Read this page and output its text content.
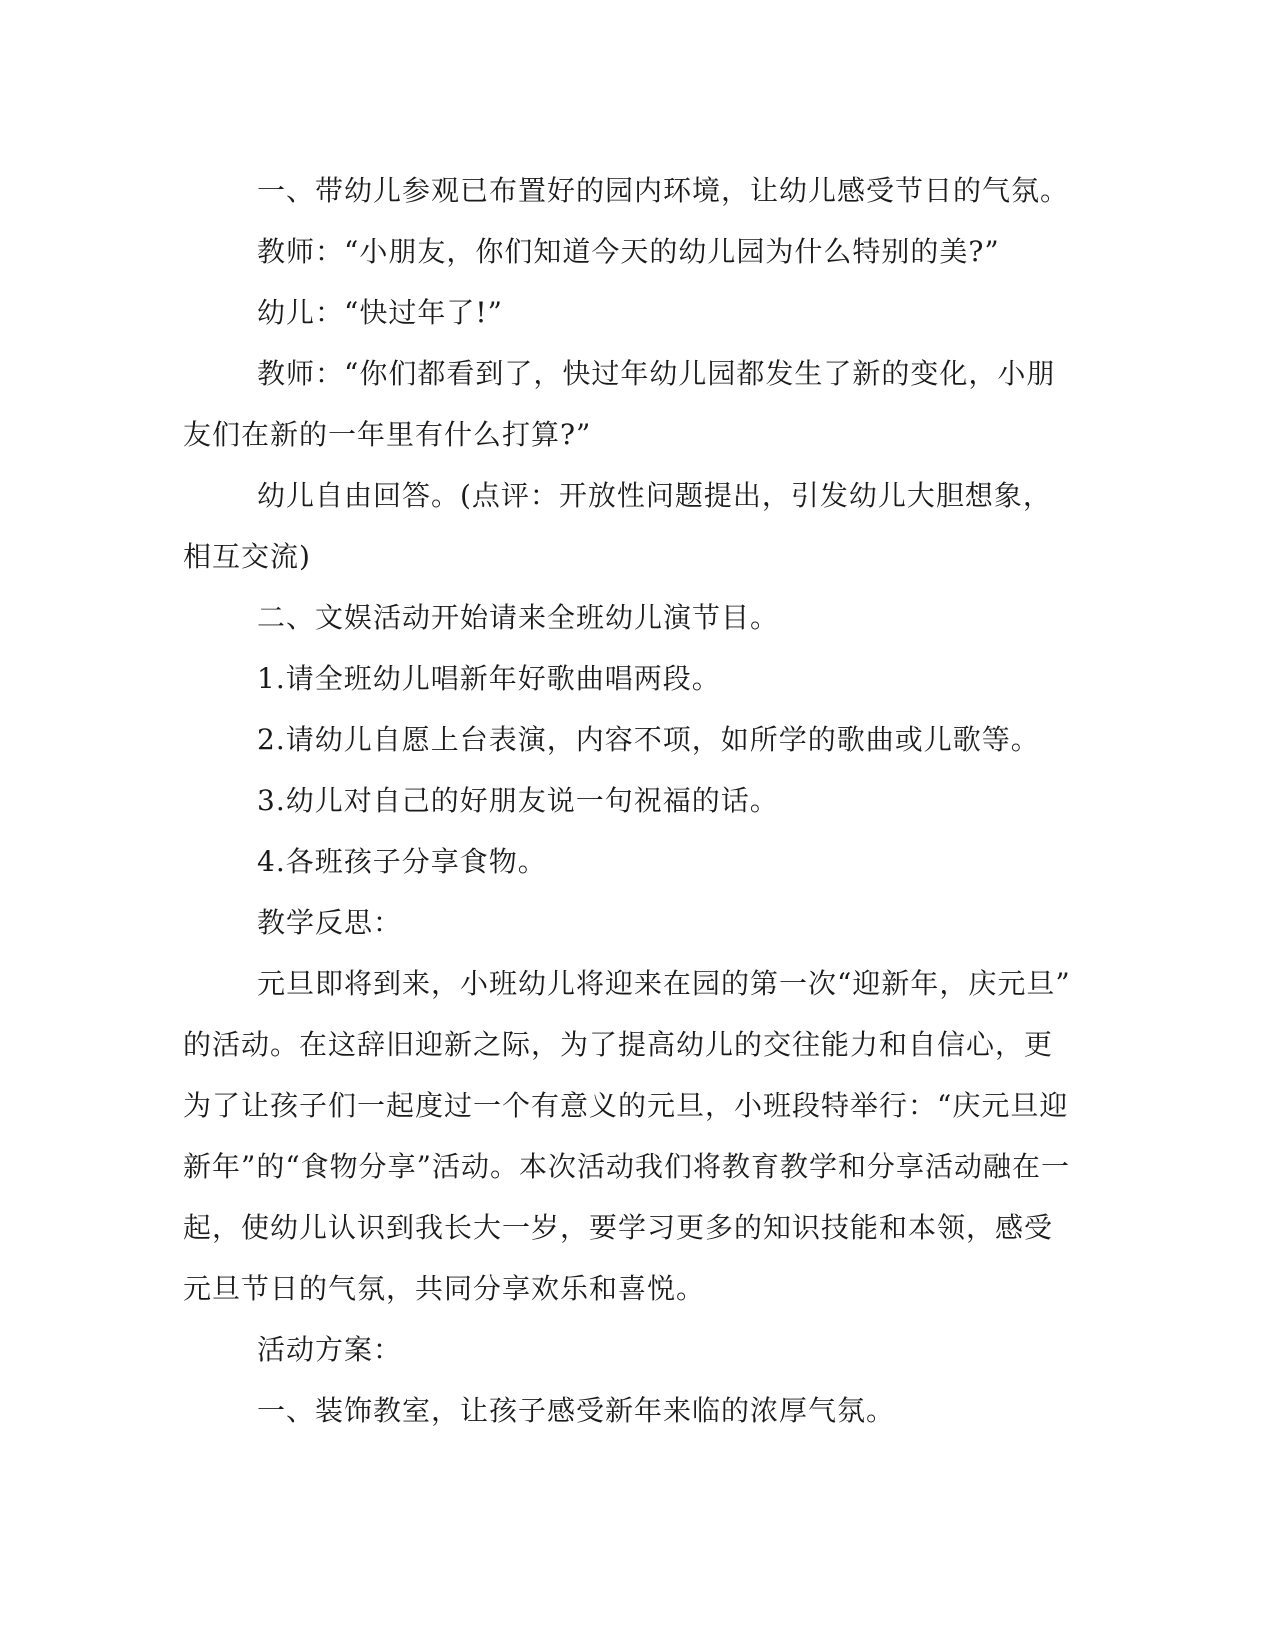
一、带幼儿参观已布置好的园内环境，让幼儿感受节日的气氛。

教师：“小朋友，你们知道今天的幼儿园为什么特别的美?”

幼儿：“快过年了!”

教师：“你们都看到了，快过年幼儿园都发生了新的变化，小朋

友们在新的一年里有什么打算?”

幼儿自由回答。(点评：开放性问题提出，引发幼儿大胆想象，

相互交流)

二、文娱活动开始请来全班幼儿演节目。

1.请全班幼儿唱新年好歌曲唱两段。

2.请幼儿自愿上台表演，内容不项，如所学的歌曲或儿歌等。

3.幼儿对自己的好朋友说一句祝福的话。

4.各班孩子分享食物。

教学反思：

元旦即将到来，小班幼儿将迎来在园的第一次“迎新年，庆元旦”

的活动。在这辞旧迎新之际，为了提高幼儿的交往能力和自信心，更

为了让孩子们一起度过一个有意义的元旦，小班段特举行：“庆元旦迎

新年”的“食物分享”活动。本次活动我们将教育教学和分享活动融在一

起，使幼儿认识到我长大一岁，要学习更多的知识技能和本领，感受

元旦节日的气氛，共同分享欢乐和喜悦。

活动方案：

一、装饰教室，让孩子感受新年来临的浓厚气氛。
